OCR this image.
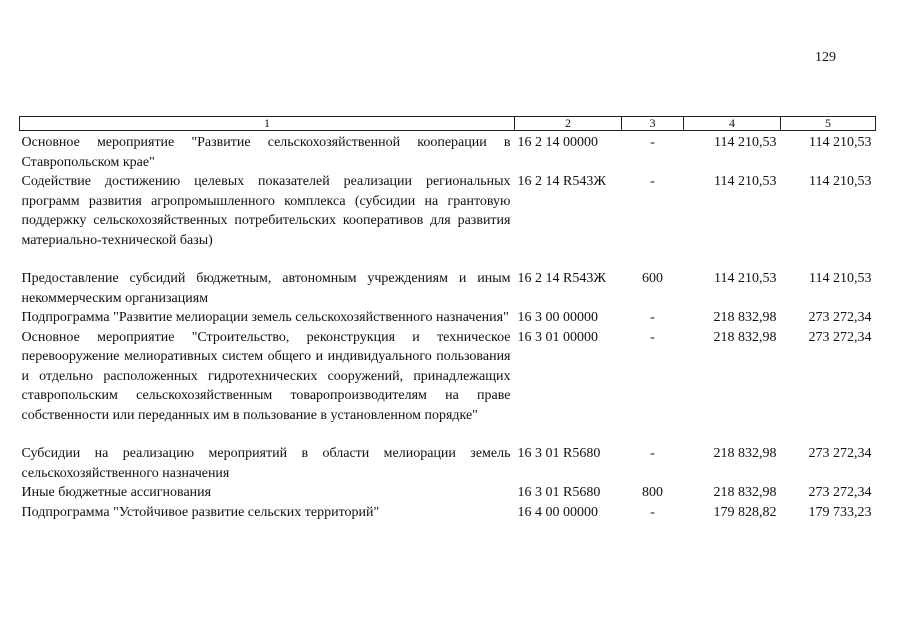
129
1	2	3	4	5
Основное мероприятие "Развитие сельскохозяйственной кооперации в Ставропольском крае"	16 2 14 00000	-	114 210,53	114 210,53
Содействие достижению целевых показателей реализации региональных программ развития агропромышленного комплекса (субсидии на грантовую поддержку сельскохозяйственных потребительских кооперативов для развития материально-технической базы)	16 2 14 R543Ж	-	114 210,53	114 210,53
Предоставление субсидий бюджетным, автономным учреждениям и иным некоммерческим организациям	16 2 14 R543Ж	600	114 210,53	114 210,53
Подпрограмма "Развитие мелиорации земель сельскохозяйственного назначения"	16 3 00 00000	-	218 832,98	273 272,34
Основное мероприятие "Строительство, реконструкция и техническое перевооружение мелиоративных систем общего и индивидуального пользования и отдельно расположенных гидротехнических сооружений, принадлежащих ставропольским сельскохозяйственным товаропроизводителям на праве собственности или переданных им в пользование в установленном порядке"	16 3 01 00000	-	218 832,98	273 272,34
Субсидии на реализацию мероприятий в области мелиорации земель сельскохозяйственного назначения	16 3 01 R5680	-	218 832,98	273 272,34
Иные бюджетные ассигнования	16 3 01 R5680	800	218 832,98	273 272,34
Подпрограмма "Устойчивое развитие сельских территорий"	16 4 00 00000	-	179 828,82	179 733,23
